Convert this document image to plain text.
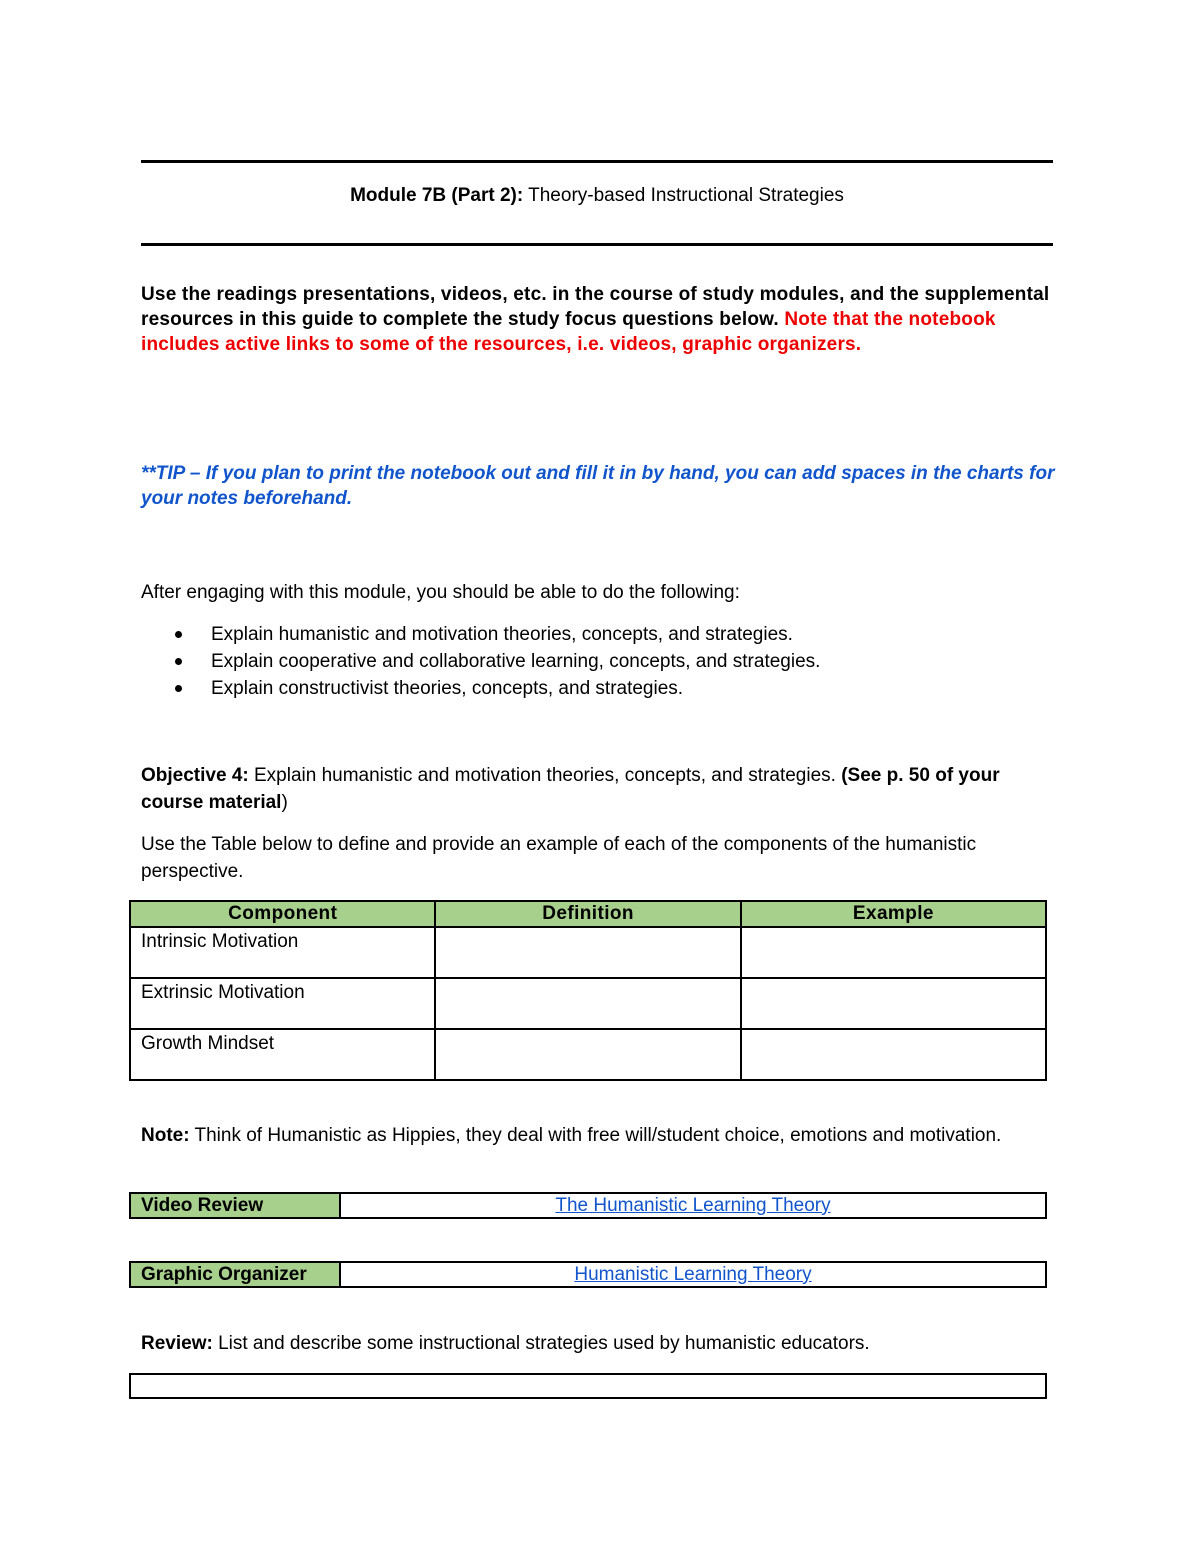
Module 7B (Part 2): Theory-based Instructional Strategies
Use the readings presentations, videos, etc. in the course of study modules, and the supplemental resources in this guide to complete the study focus questions below. Note that the notebook includes active links to some of the resources, i.e. videos, graphic organizers.
**TIP – If you plan to print the notebook out and fill it in by hand, you can add spaces in the charts for your notes beforehand.
After engaging with this module, you should be able to do the following:
Explain humanistic and motivation theories, concepts, and strategies.
Explain cooperative and collaborative learning, concepts, and strategies.
Explain constructivist theories, concepts, and strategies.
Objective 4: Explain humanistic and motivation theories, concepts, and strategies. (See p. 50 of your course material)
Use the Table below to define and provide an example of each of the components of the humanistic perspective.
Component	Definition	Example
Intrinsic Motivation		
Extrinsic Motivation		
Growth Mindset		
Note: Think of Humanistic as Hippies, they deal with free will/student choice, emotions and motivation.
Video Review	The Humanistic Learning Theory
Graphic Organizer	Humanistic Learning Theory
Review: List and describe some instructional strategies used by humanistic educators.
